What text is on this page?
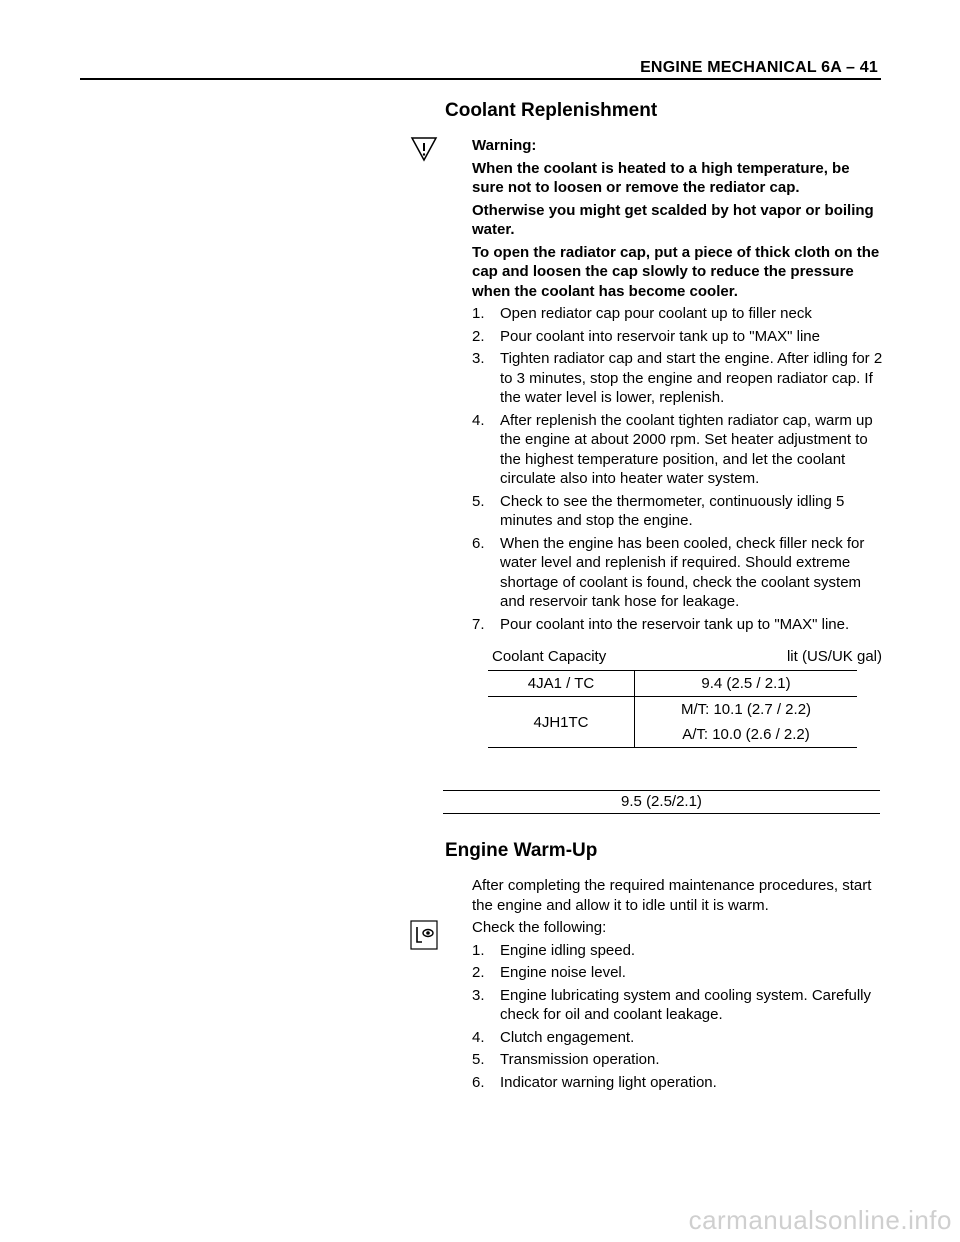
ENGINE MECHANICAL 6A – 41
Coolant Replenishment
Warning:
When the coolant is heated to a high temperature, be sure not to loosen or remove the rediator cap.
Otherwise you might get scalded by hot vapor or boiling water.
To open the radiator cap, put a piece of thick cloth on the cap and loosen the cap slowly to reduce the pressure when the coolant has become cooler.
1. Open rediator cap pour coolant up to filler neck
2. Pour coolant into reservoir tank up to "MAX" line
3. Tighten radiator cap and start the engine. After idling for 2 to 3 minutes, stop the engine and reopen radiator cap. If the water level is lower, replenish.
4. After replenish the coolant tighten radiator cap, warm up the engine at about 2000 rpm. Set heater adjustment to the highest temperature position, and let the coolant circulate also into heater water system.
5. Check to see the thermometer, continuously idling 5 minutes and stop the engine.
6. When the engine has been cooled, check filler neck for water level and replenish if required. Should extreme shortage of coolant is found, check the coolant system and reservoir tank hose for leakage.
7. Pour coolant into the reservoir tank up to "MAX" line.
Coolant Capacity	lit (US/UK gal)
4JA1 / TC	9.4 (2.5 / 2.1)
4JH1TC	M/T: 10.1 (2.7 / 2.2)
	A/T: 10.0 (2.6 / 2.2)
9.5 (2.5/2.1)
Engine Warm-Up
After completing the required maintenance procedures, start the engine and allow it to idle until it is warm.
Check the following:
1. Engine idling speed.
2. Engine noise level.
3. Engine lubricating system and cooling system. Carefully check for oil and coolant leakage.
4. Clutch engagement.
5. Transmission operation.
6. Indicator warning light operation.
carmanualsonline.info
